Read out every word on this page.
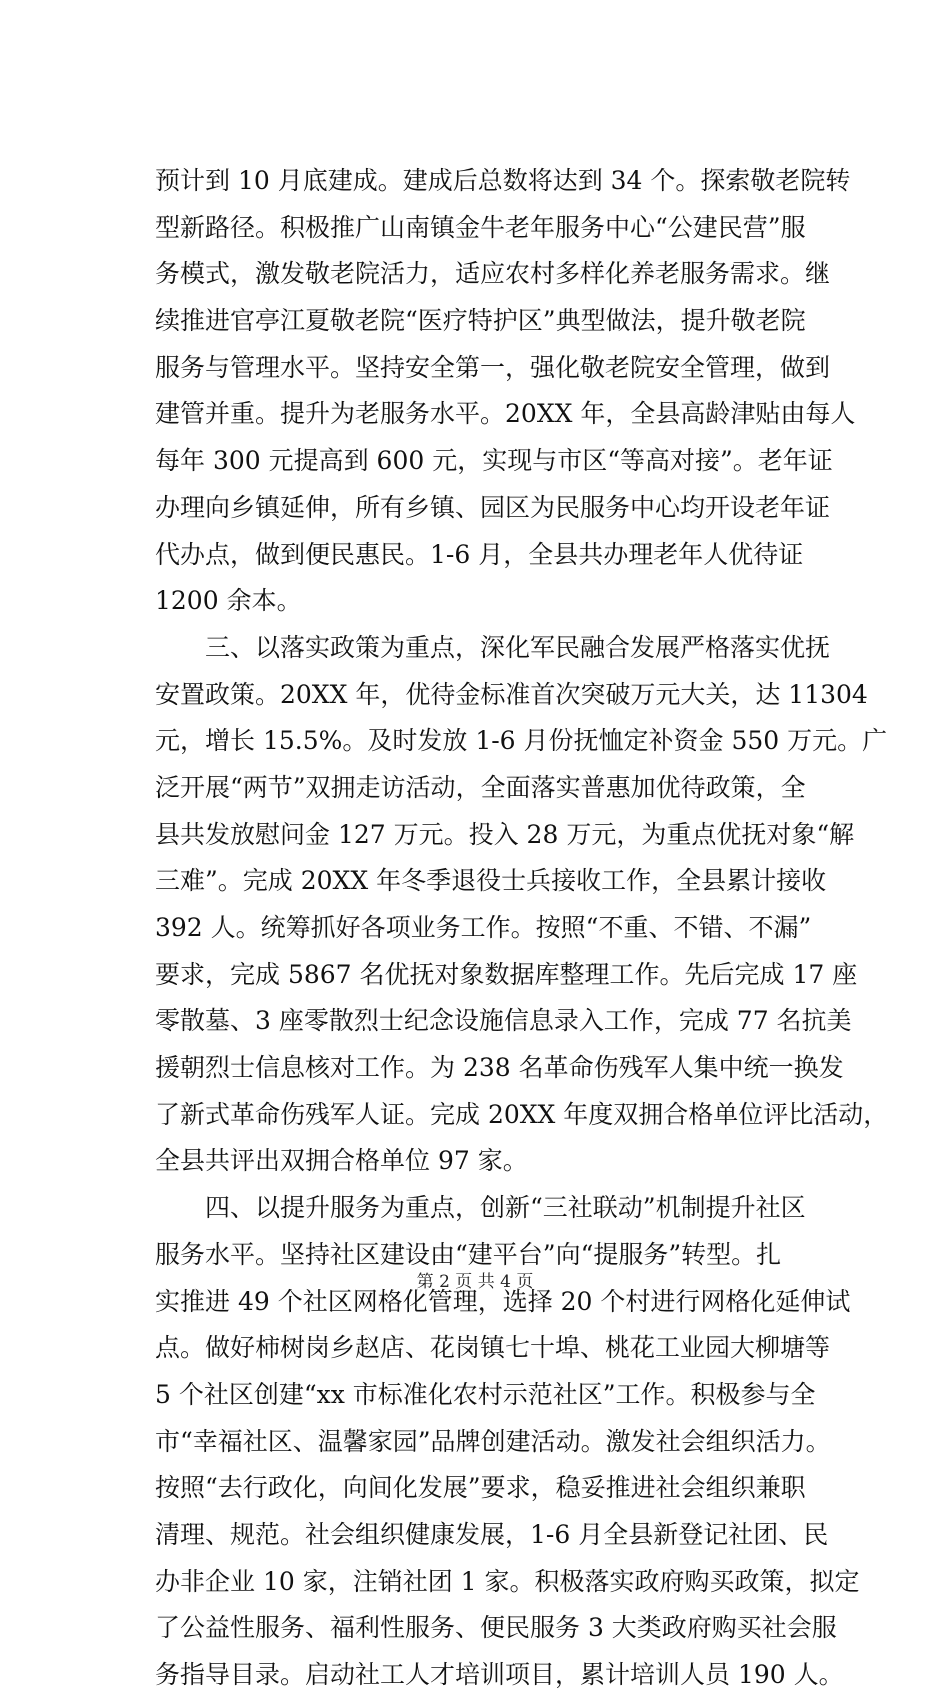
预计到 10 月底建成。建成后总数将达到 34 个。探索敬老院转
型新路径。积极推广山南镇金牛老年服务中心“公建民营”服
务模式，激发敬老院活力，适应农村多样化养老服务需求。继
续推进官亭江夏敬老院“医疗特护区”典型做法，提升敬老院
服务与管理水平。坚持安全第一，强化敬老院安全管理，做到
建管并重。提升为老服务水平。20XX 年，全县高龄津贴由每人
每年 300 元提高到 600 元，实现与市区“等高对接”。老年证
办理向乡镇延伸，所有乡镇、园区为民服务中心均开设老年证
代办点，做到便民惠民。1-6 月，全县共办理老年人优待证
1200 余本。
　　三、以落实政策为重点，深化军民融合发展严格落实优抚
安置政策。20XX 年，优待金标准首次突破万元大关，达 11304
元，增长 15.5%。及时发放 1-6 月份抚恤定补资金 550 万元。广
泛开展“两节”双拥走访活动，全面落实普惠加优待政策，全
县共发放慰问金 127 万元。投入 28 万元，为重点优抚对象“解
三难”。完成 20XX 年冬季退役士兵接收工作，全县累计接收
392 人。统筹抓好各项业务工作。按照“不重、不错、不漏”
要求，完成 5867 名优抚对象数据库整理工作。先后完成 17 座
零散墓、3 座零散烈士纪念设施信息录入工作，完成 77 名抗美
援朝烈士信息核对工作。为 238 名革命伤残军人集中统一换发
了新式革命伤残军人证。完成 20XX 年度双拥合格单位评比活动，
全县共评出双拥合格单位 97 家。
　　四、以提升服务为重点，创新“三社联动”机制提升社区
服务水平。坚持社区建设由“建平台”向“提服务”转型。扎
实推进 49 个社区网格化管理，选择 20 个村进行网格化延伸试
点。做好柿树岗乡赵店、花岗镇七十埠、桃花工业园大柳塘等
5 个社区创建“xx 市标准化农村示范社区”工作。积极参与全
市“幸福社区、温馨家园”品牌创建活动。激发社会组织活力。
按照“去行政化，向间化发展”要求，稳妥推进社会组织兼职
清理、规范。社会组织健康发展，1-6 月全县新登记社团、民
办非企业 10 家，注销社团 1 家。积极落实政府购买政策，拟定
了公益性服务、福利性服务、便民服务 3 大类政府购买社会服
务指导目录。启动社工人才培训项目，累计培训人员 190 人。
第 2 页 共 4 页
